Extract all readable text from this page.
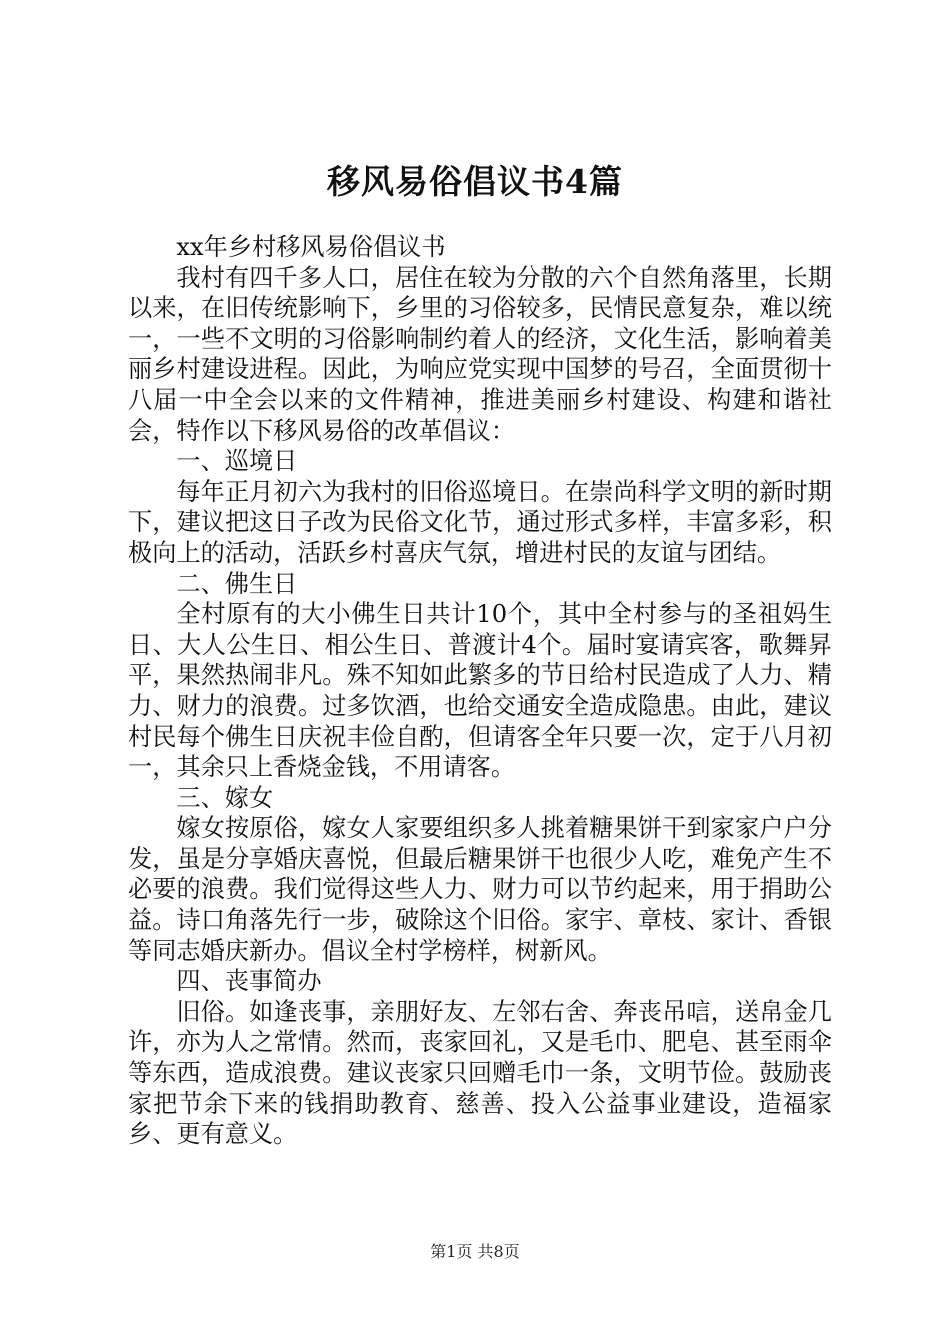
移风易俗倡议书4篇

xx年乡村移风易俗倡议书

我村有四千多人口，居住在较为分散的六个自然角落里，长期以来，在旧传统影响下，乡里的习俗较多，民情民意复杂，难以统一，一些不文明的习俗影响制约着人的经济，文化生活，影响着美丽乡村建设进程。因此，为响应党实现中国梦的号召，全面贯彻十八届一中全会以来的文件精神，推进美丽乡村建设、构建和谐社会，特作以下移风易俗的改革倡议：

一、巡境日

每年正月初六为我村的旧俗巡境日。在崇尚科学文明的新时期下，建议把这日子改为民俗文化节，通过形式多样，丰富多彩，积极向上的活动，活跃乡村喜庆气氛，增进村民的友谊与团结。

二、佛生日

全村原有的大小佛生日共计10个，其中全村参与的圣祖妈生日、大人公生日、相公生日、普渡计4个。届时宴请宾客，歌舞昇平，果然热闹非凡。殊不知如此繁多的节日给村民造成了人力、精力、财力的浪费。过多饮酒，也给交通安全造成隐患。由此，建议村民每个佛生日庆祝丰俭自酌，但请客全年只要一次，定于八月初一，其余只上香烧金钱，不用请客。

三、嫁女

嫁女按原俗，嫁女人家要组织多人挑着糖果饼干到家家户户分发，虽是分享婚庆喜悦，但最后糖果饼干也很少人吃，难免产生不必要的浪费。我们觉得这些人力、财力可以节约起来，用于捐助公益。诗口角落先行一步，破除这个旧俗。家宇、章枝、家计、香银等同志婚庆新办。倡议全村学榜样，树新风。

四、丧事简办

旧俗。如逢丧事，亲朋好友、左邻右舍、奔丧吊唁，送帛金几许，亦为人之常情。然而，丧家回礼，又是毛巾、肥皂、甚至雨伞等东西，造成浪费。建议丧家只回赠毛巾一条，文明节俭。鼓励丧家把节余下来的钱捐助教育、慈善、投入公益事业建设，造福家乡、更有意义。

第1页 共8页
